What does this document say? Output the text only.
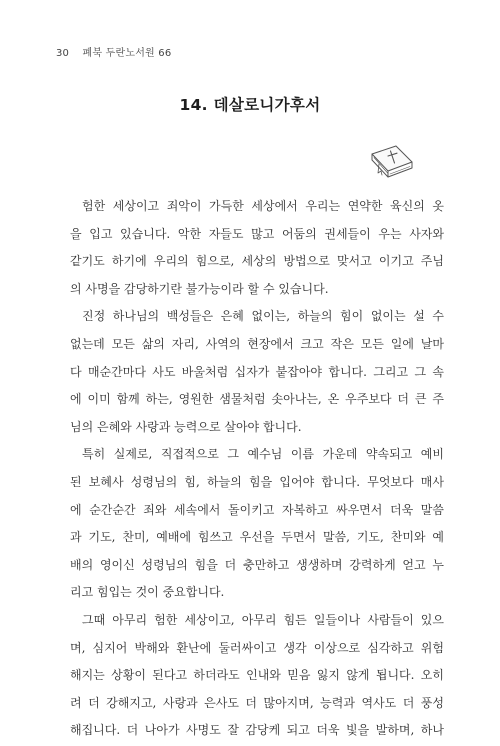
30 폐북 두란노서원 66
14. 데살로니가후서
험한 세상이고 죄악이 가득한 세상에서 우리는 연약한 육신의 옷
을 입고 있습니다. 악한 자들도 많고 어둠의 권세들이 우는 사자와
같기도 하기에 우리의 힘으로, 세상의 방법으로 맞서고 이기고 주님
의 사명을 감당하기란 불가능이라 할 수 있습니다.
진정 하나님의 백성들은 은혜 없이는, 하늘의 힘이 없이는 설 수
없는데 모든 삶의 자리, 사역의 현장에서 크고 작은 모든 일에 날마
다 매순간마다 사도 바울처럼 십자가 붙잡아야 합니다. 그리고 그 속
에 이미 함께 하는, 영원한 샘물처럼 솟아나는, 온 우주보다 더 큰 주
님의 은혜와 사랑과 능력으로 살아야 합니다.
특히 실제로, 직접적으로 그 예수님 이름 가운데 약속되고 예비
된 보혜사 성령님의 힘, 하늘의 힘을 입어야 합니다. 무엇보다 매사
에 순간순간 죄와 세속에서 돌이키고 자복하고 싸우면서 더욱 말씀
과 기도, 찬미, 예배에 힘쓰고 우선을 두면서 말씀, 기도, 찬미와 예
배의 영이신 성령님의 힘을 더 충만하고 생생하며 강력하게 얻고 누
리고 힘입는 것이 중요합니다.
그때 아무리 험한 세상이고, 아무리 힘든 일들이나 사람들이 있으
며, 심지어 박해와 환난에 둘러싸이고 생각 이상으로 심각하고 위험
해지는 상황이 된다고 하더라도 인내와 믿음 잃지 않게 됩니다. 오히
려 더 강해지고, 사랑과 은사도 더 많아지며, 능력과 역사도 더 풍성
해집니다. 더 나아가 사명도 잘 감당케 되고 더욱 빛을 발하며, 하나
